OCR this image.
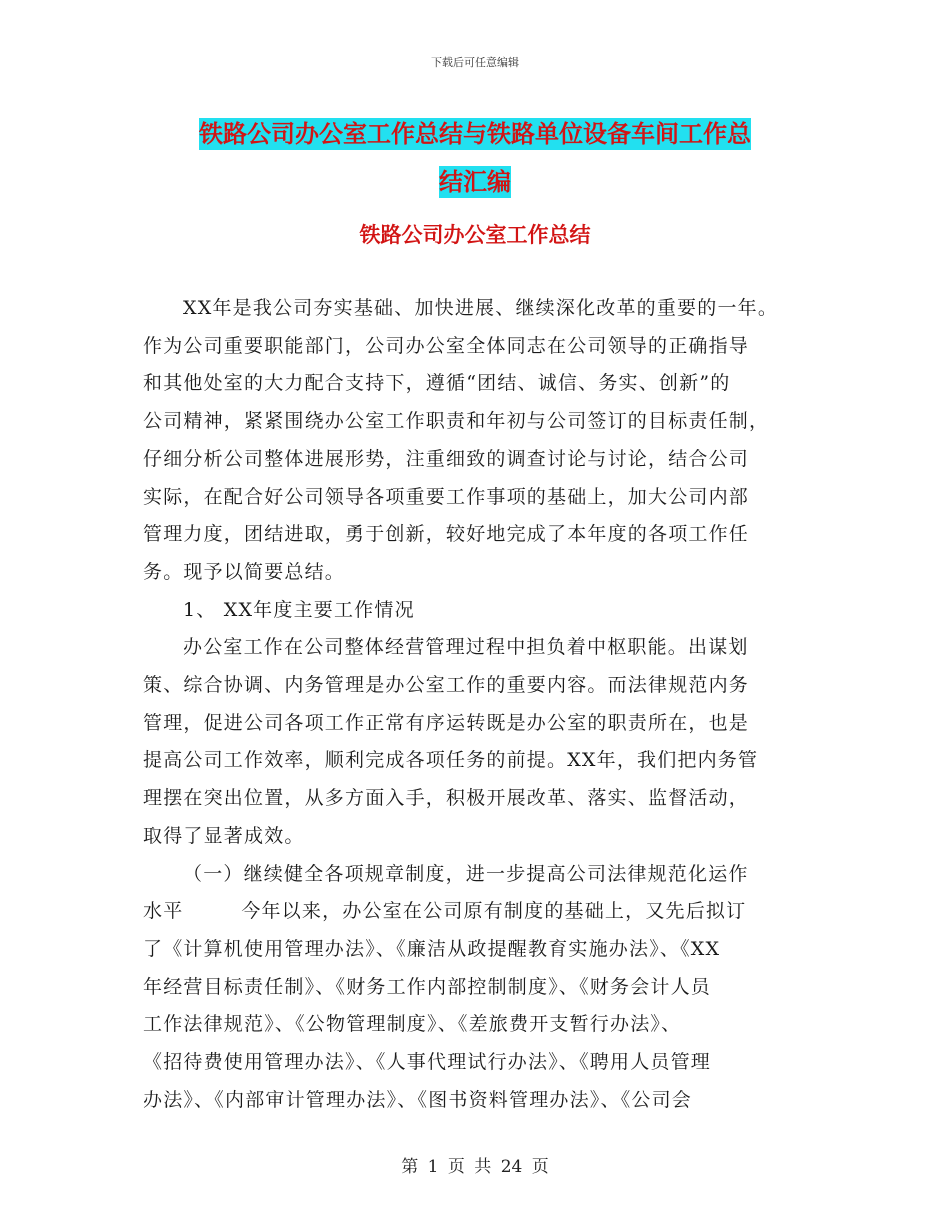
下载后可任意编辑
铁路公司办公室工作总结与铁路单位设备车间工作总
结汇编
铁路公司办公室工作总结
XX年是我公司夯实基础、加快进展、继续深化改革的重要的一年。
作为公司重要职能部门，公司办公室全体同志在公司领导的正确指导
和其他处室的大力配合支持下，遵循“团结、诚信、务实、创新”的
公司精神，紧紧围绕办公室工作职责和年初与公司签订的目标责任制，
仔细分析公司整体进展形势，注重细致的调查讨论与讨论，结合公司
实际，在配合好公司领导各项重要工作事项的基础上，加大公司内部
管理力度，团结进取，勇于创新，较好地完成了本年度的各项工作任
务。现予以简要总结。
1、 XX年度主要工作情况
办公室工作在公司整体经营管理过程中担负着中枢职能。出谋划
策、综合协调、内务管理是办公室工作的重要内容。而法律规范内务
管理，促进公司各项工作正常有序运转既是办公室的职责所在，也是
提高公司工作效率，顺利完成各项任务的前提。XX年，我们把内务管
理摆在突出位置，从多方面入手，积极开展改革、落实、监督活动，
取得了显著成效。
（一）继续健全各项规章制度，进一步提高公司法律规范化运作
水平        今年以来，办公室在公司原有制度的基础上，又先后拟订
了《计算机使用管理办法》、《廉洁从政提醒教育实施办法》、《XX
年经营目标责任制》、《财务工作内部控制制度》、《财务会计人员
工作法律规范》、《公物管理制度》、《差旅费开支暂行办法》、
《招待费使用管理办法》、《人事代理试行办法》、《聘用人员管理
办法》、《内部审计管理办法》、《图书资料管理办法》、《公司会
第 1 页 共 24 页
